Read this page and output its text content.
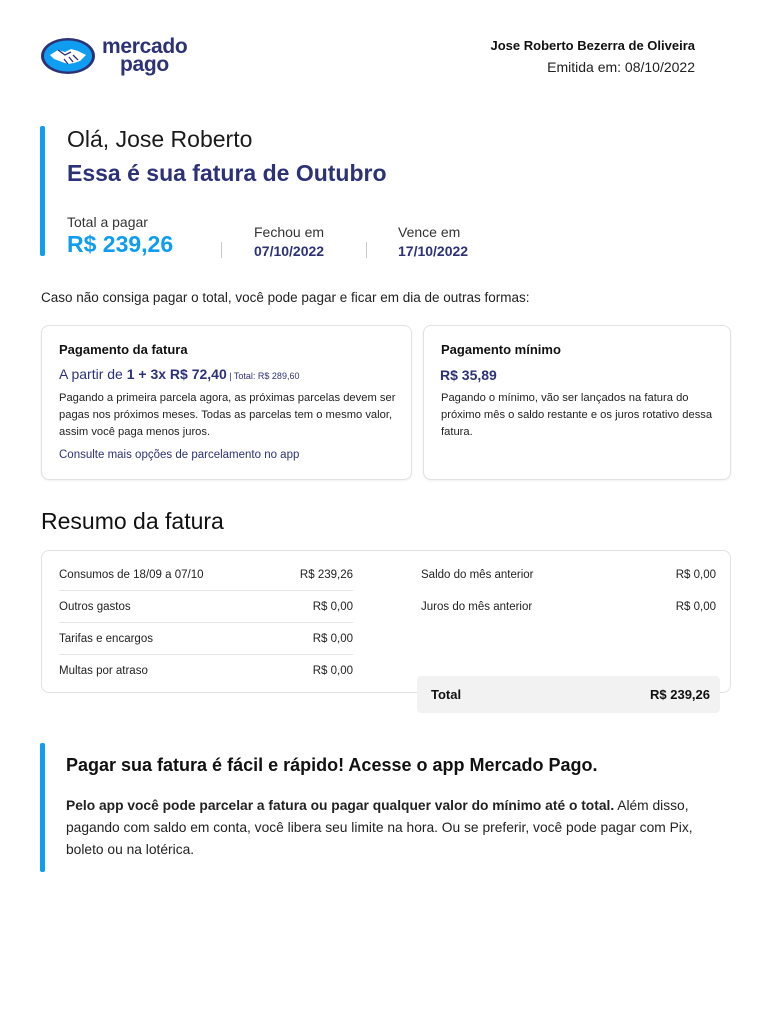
mercado
pago
Jose Roberto Bezerra de Oliveira
Emitida em: 08/10/2022
Olá, Jose Roberto
Essa é sua fatura de Outubro
Total a pagar
R$ 239,26	Fechou em
07/10/2022
Vence em
17/10/2022
Caso não consiga pagar o total, você pode pagar e ficar em dia de outras formas:
Pagamento da fatura
A partir de 1 + 3x R$ 72,40 | Total: R$ 289,60
Pagando a primeira parcela agora, as próximas parcelas devem ser pagas nos próximos meses. Todas as parcelas tem o mesmo valor, assim você paga menos juros.
Consulte mais opções de parcelamento no app
Pagamento mínimo
R$ 35,89
Pagando o mínimo, vão ser lançados na fatura do próximo mês o saldo restante e os juros rotativo dessa fatura.
Resumo da fatura
Consumos de 18/09 a 07/10	R$ 239,26
Outros gastos	R$ 0,00
Tarifas e encargos	R$ 0,00
Multas por atraso	R$ 0,00
Saldo do mês anterior	R$ 0,00
Juros do mês anterior	R$ 0,00
Total	R$ 239,26
Pagar sua fatura é fácil e rápido! Acesse o app Mercado Pago.
Pelo app você pode parcelar a fatura ou pagar qualquer valor do mínimo até o total. Além disso, pagando com saldo em conta, você libera seu limite na hora. Ou se preferir, você pode pagar com Pix, boleto ou na lotérica.
